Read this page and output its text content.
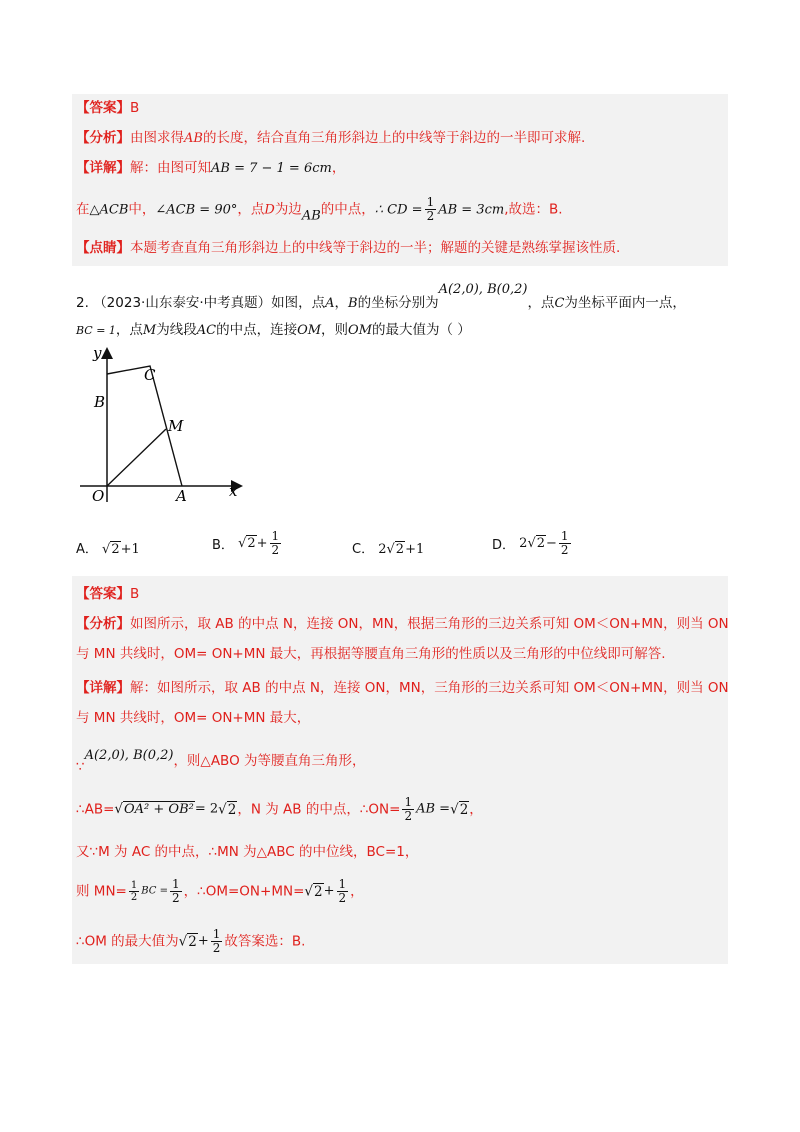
【答案】B
【分析】由图求得AB的长度，结合直角三角形斜边上的中线等于斜边的一半即可求解.
【详解】解：由图可知AB = 7 − 1 = 6cm，
在△ACB中，∠ACB = 90°，点D为边AB的中点，∴ CD = $\frac{1}{2}$ AB = 3cm,故选：B.
【点睛】本题考查直角三角形斜边上的中线等于斜边的一半；解题的关键是熟练掌握该性质.
2. （2023·山东泰安·中考真题）如图，点A，B的坐标分别为A(2,0), B(0,2)，点C为坐标平面内一点，
BC = 1，点M为线段AC的中点，连接OM，则OM的最大值为（ ）
y
x
O	A
B
C
M
A． √2+1	B． $√2+ \frac{1}{2}$	C． 2√2+1	D． $2√2- \frac{1}{2}$
【答案】B
【分析】如图所示，取 AB 的中点 N，连接 ON，MN，根据三角形的三边关系可知 OM＜ON+MN，则当 ON
与 MN 共线时，OM= ON+MN 最大，再根据等腰直角三角形的性质以及三角形的中位线即可解答.
【详解】解：如图所示，取 AB 的中点 N，连接 ON，MN，三角形的三边关系可知 OM＜ON+MN，则当 ON
与 MN 共线时，OM= ON+MN 最大，
∵A(2,0), B(0,2)，则△ABO 为等腰直角三角形，
∴AB=√OA² + OB²= 2√2，N 为 AB 的中点，∴ON= $\frac{1}{2}$ AB =√2，
又∵M 为 AC 的中点，∴MN 为△ABC 的中位线，BC=1，
则 $MN= \frac{1}{2}$ BC = $\frac{1}{2}$ ，∴OM=ON+MN=√2+ $\frac{1}{2}$ ，
∴OM 的最大值为$√2+ \frac{1}{2}$ 故答案选：B.
